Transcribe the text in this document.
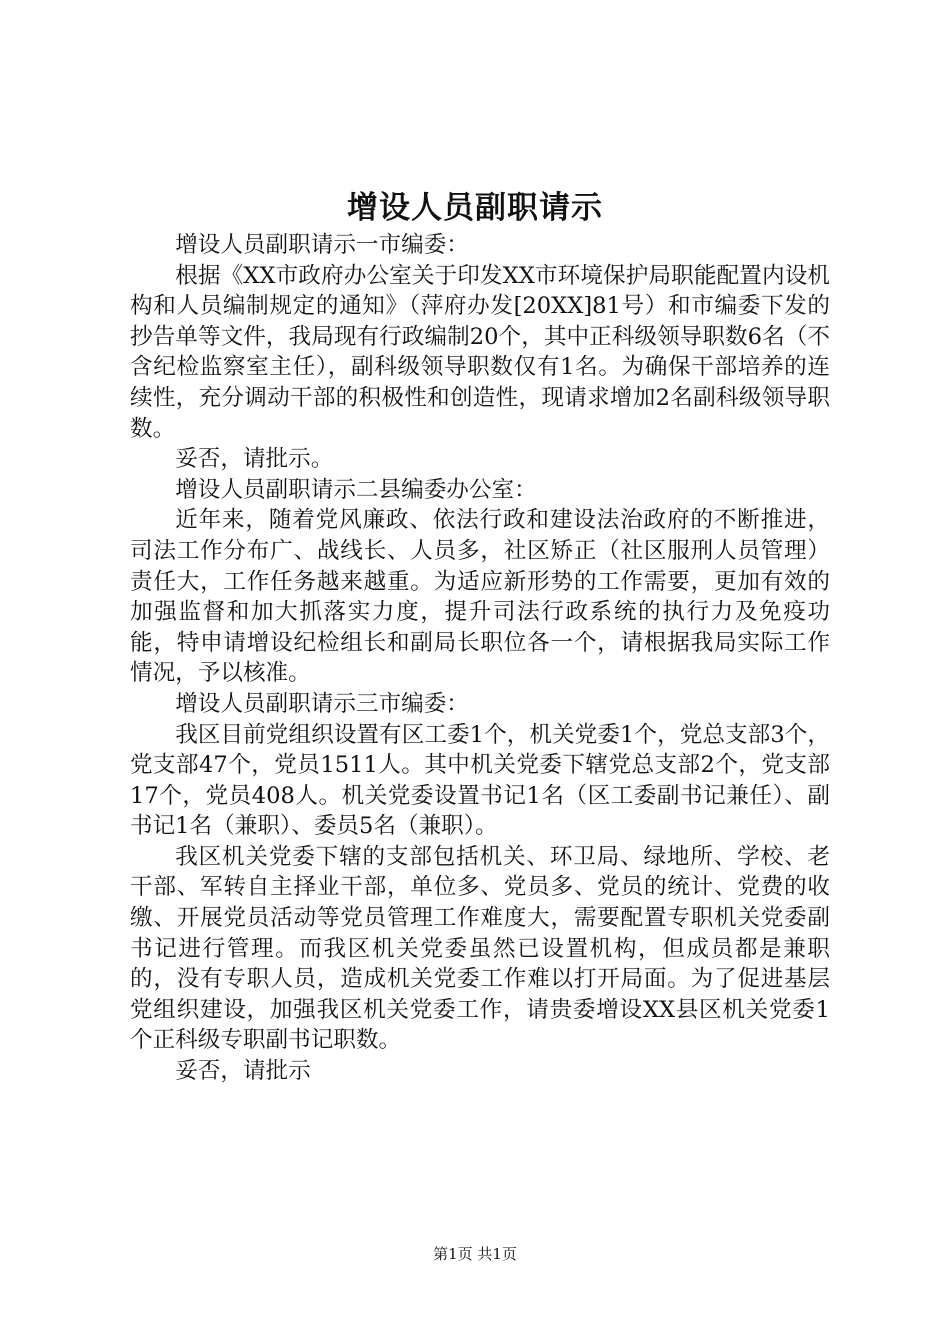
增设人员副职请示

增设人员副职请示一市编委：

根据《XX市政府办公室关于印发XX市环境保护局职能配置内设机构和人员编制规定的通知》（萍府办发[20XX]81号）和市编委下发的抄告单等文件，我局现有行政编制20个，其中正科级领导职数6名（不含纪检监察室主任），副科级领导职数仅有1名。为确保干部培养的连续性，充分调动干部的积极性和创造性，现请求增加2名副科级领导职数。

妥否，请批示。

增设人员副职请示二县编委办公室：

近年来，随着党风廉政、依法行政和建设法治政府的不断推进，司法工作分布广、战线长、人员多，社区矫正（社区服刑人员管理）责任大，工作任务越来越重。为适应新形势的工作需要，更加有效的加强监督和加大抓落实力度，提升司法行政系统的执行力及免疫功能，特申请增设纪检组长和副局长职位各一个，请根据我局实际工作情况，予以核准。

增设人员副职请示三市编委：

我区目前党组织设置有区工委1个，机关党委1个，党总支部3个，党支部47个，党员1511人。其中机关党委下辖党总支部2个，党支部17个，党员408人。机关党委设置书记1名（区工委副书记兼任）、副书记1名（兼职）、委员5名（兼职）。

我区机关党委下辖的支部包括机关、环卫局、绿地所、学校、老干部、军转自主择业干部，单位多、党员多、党员的统计、党费的收缴、开展党员活动等党员管理工作难度大，需要配置专职机关党委副书记进行管理。而我区机关党委虽然已设置机构，但成员都是兼职的，没有专职人员，造成机关党委工作难以打开局面。为了促进基层党组织建设，加强我区机关党委工作，请贵委增设XX县区机关党委1个正科级专职副书记职数。

妥否，请批示

第1页 共1页
